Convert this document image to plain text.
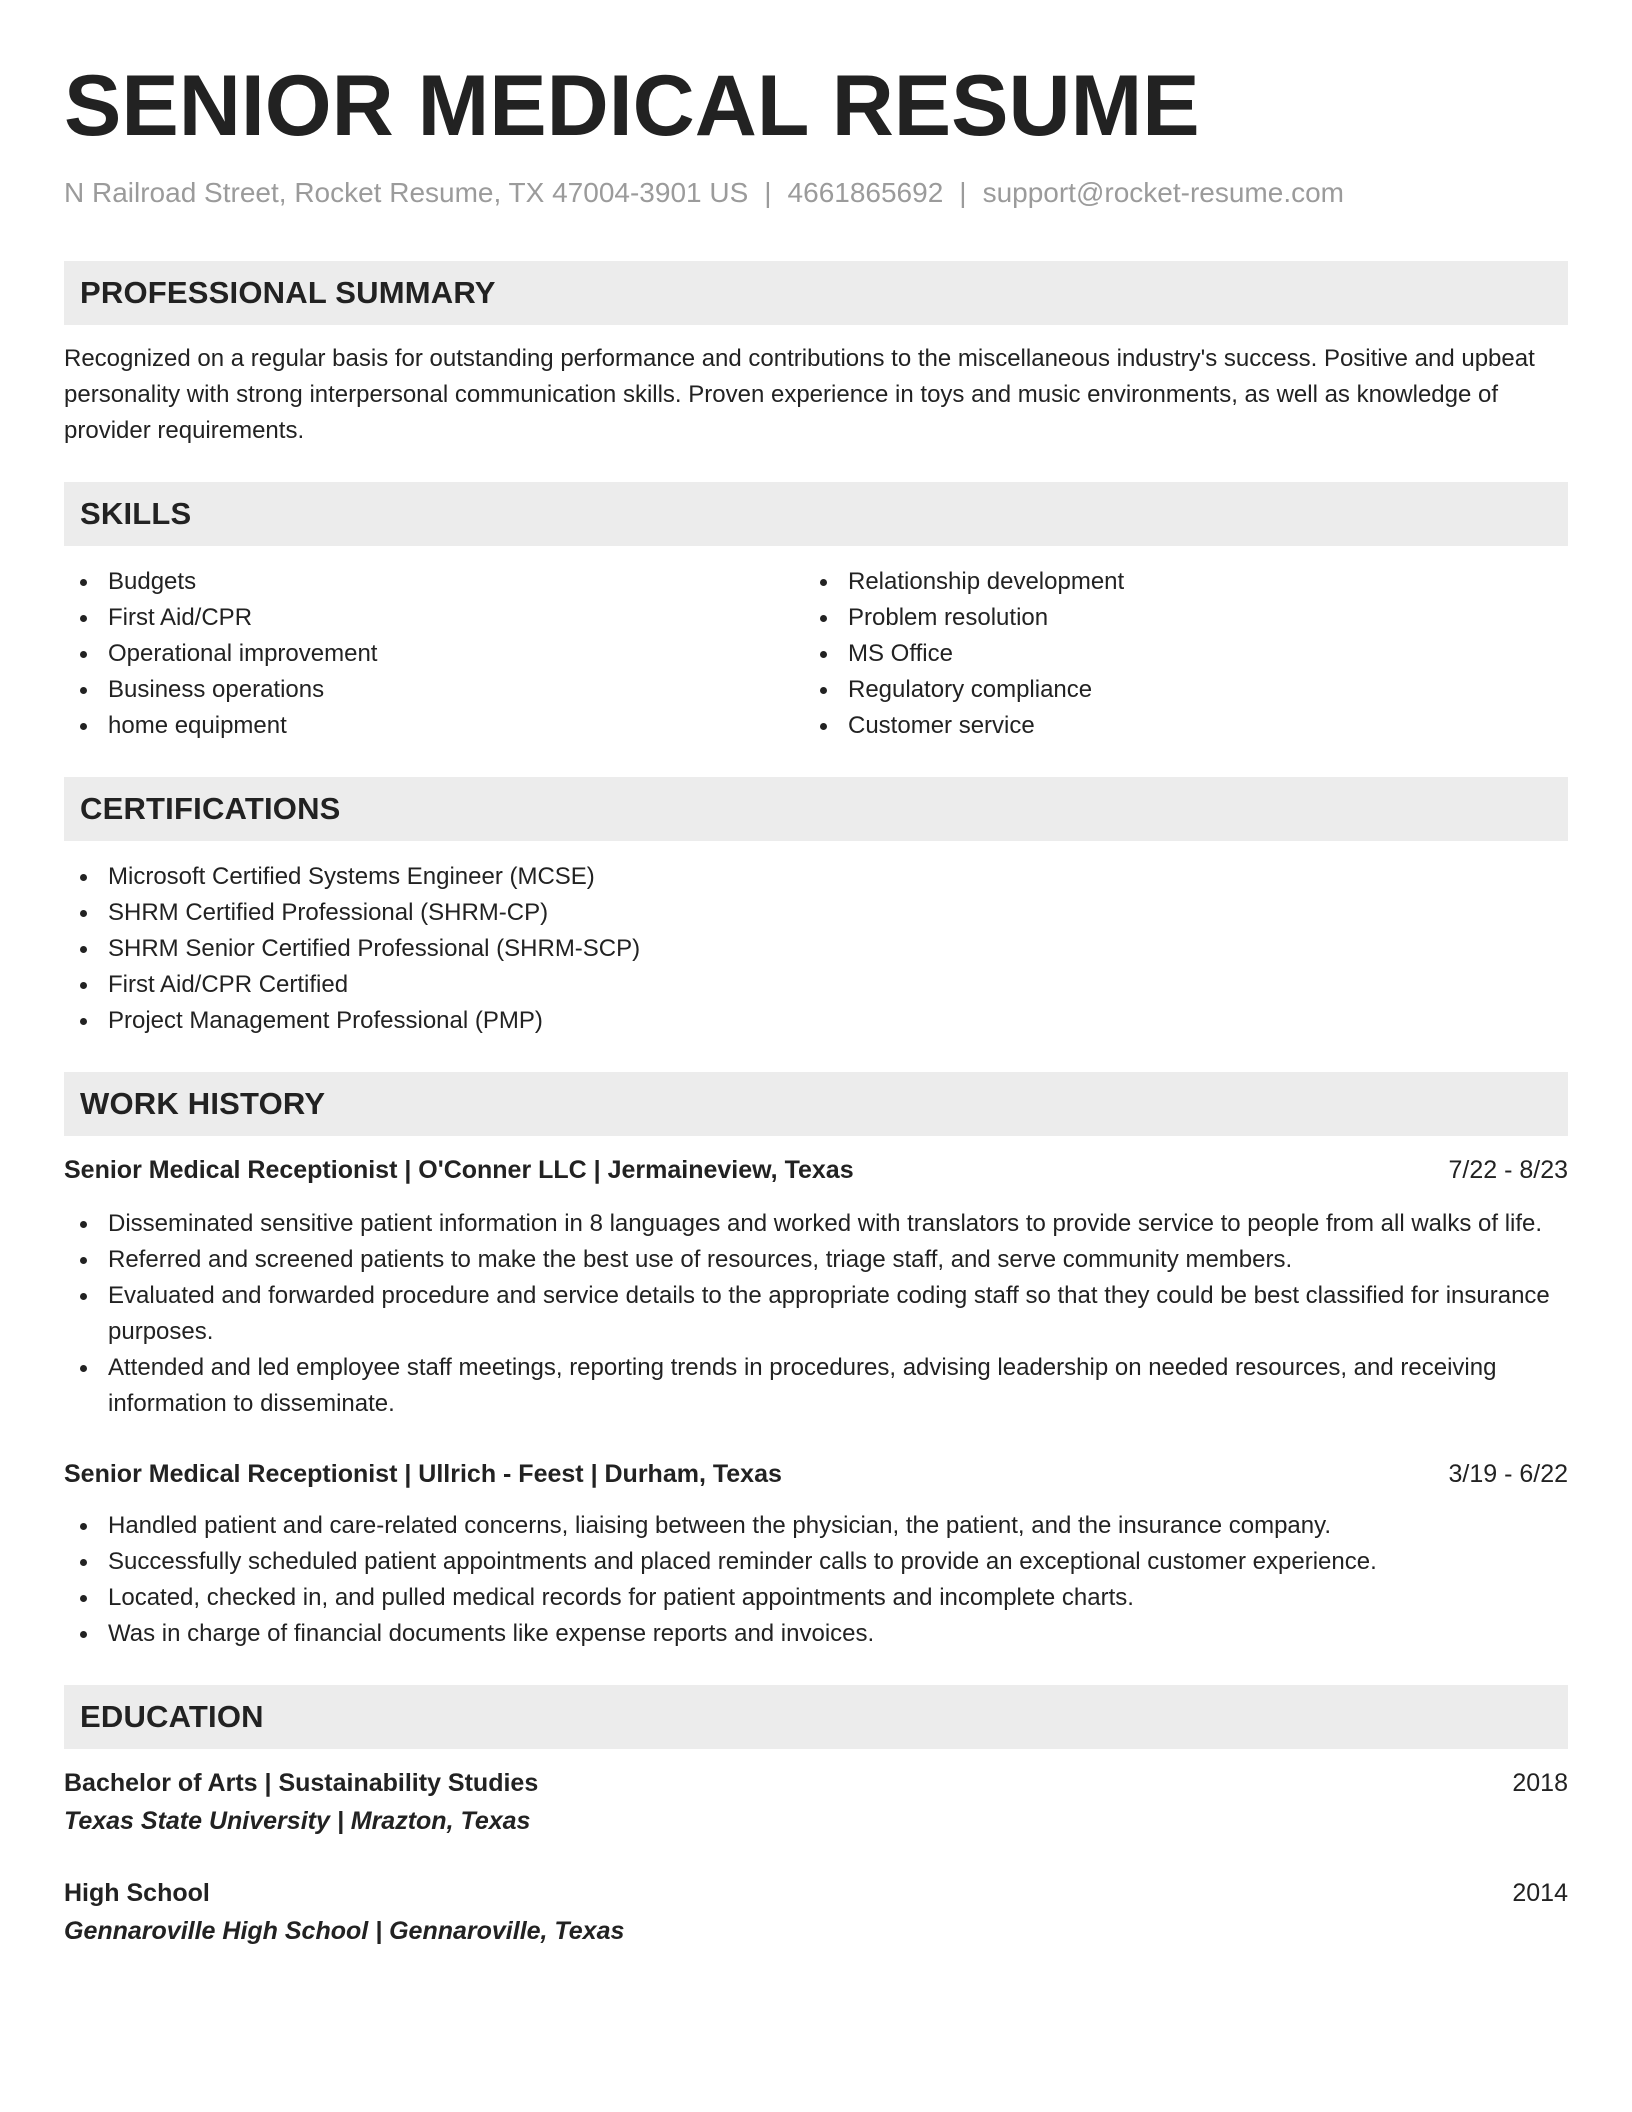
SENIOR MEDICAL RESUME
N Railroad Street, Rocket Resume, TX 47004-3901 US | 4661865692 | support@rocket-resume.com
PROFESSIONAL SUMMARY

Recognized on a regular basis for outstanding performance and contributions to the miscellaneous industry's success. Positive and upbeat personality with strong interpersonal communication skills. Proven experience in toys and music environments, as well as knowledge of provider requirements.

SKILLS
Budgets
First Aid/CPR
Operational improvement
Business operations
home equipment
Relationship development
Problem resolution
MS Office
Regulatory compliance
Customer service
CERTIFICATIONS
Microsoft Certified Systems Engineer (MCSE)
SHRM Certified Professional (SHRM-CP)
SHRM Senior Certified Professional (SHRM-SCP)
First Aid/CPR Certified
Project Management Professional (PMP)
WORK HISTORY
Senior Medical Receptionist | O'Conner LLC | Jermaineview, Texas	7/22 - 8/23
Disseminated sensitive patient information in 8 languages and worked with translators to provide service to people from all walks of life.
Referred and screened patients to make the best use of resources, triage staff, and serve community members.
Evaluated and forwarded procedure and service details to the appropriate coding staff so that they could be best classified for insurance purposes.
Attended and led employee staff meetings, reporting trends in procedures, advising leadership on needed resources, and receiving information to disseminate.
Senior Medical Receptionist | Ullrich - Feest | Durham, Texas	3/19 - 6/22
Handled patient and care-related concerns, liaising between the physician, the patient, and the insurance company.
Successfully scheduled patient appointments and placed reminder calls to provide an exceptional customer experience.
Located, checked in, and pulled medical records for patient appointments and incomplete charts.
Was in charge of financial documents like expense reports and invoices.
EDUCATION
Bachelor of Arts | Sustainability Studies	2018
Texas State University | Mrazton, Texas
High School	2014
Gennaroville High School | Gennaroville, Texas
